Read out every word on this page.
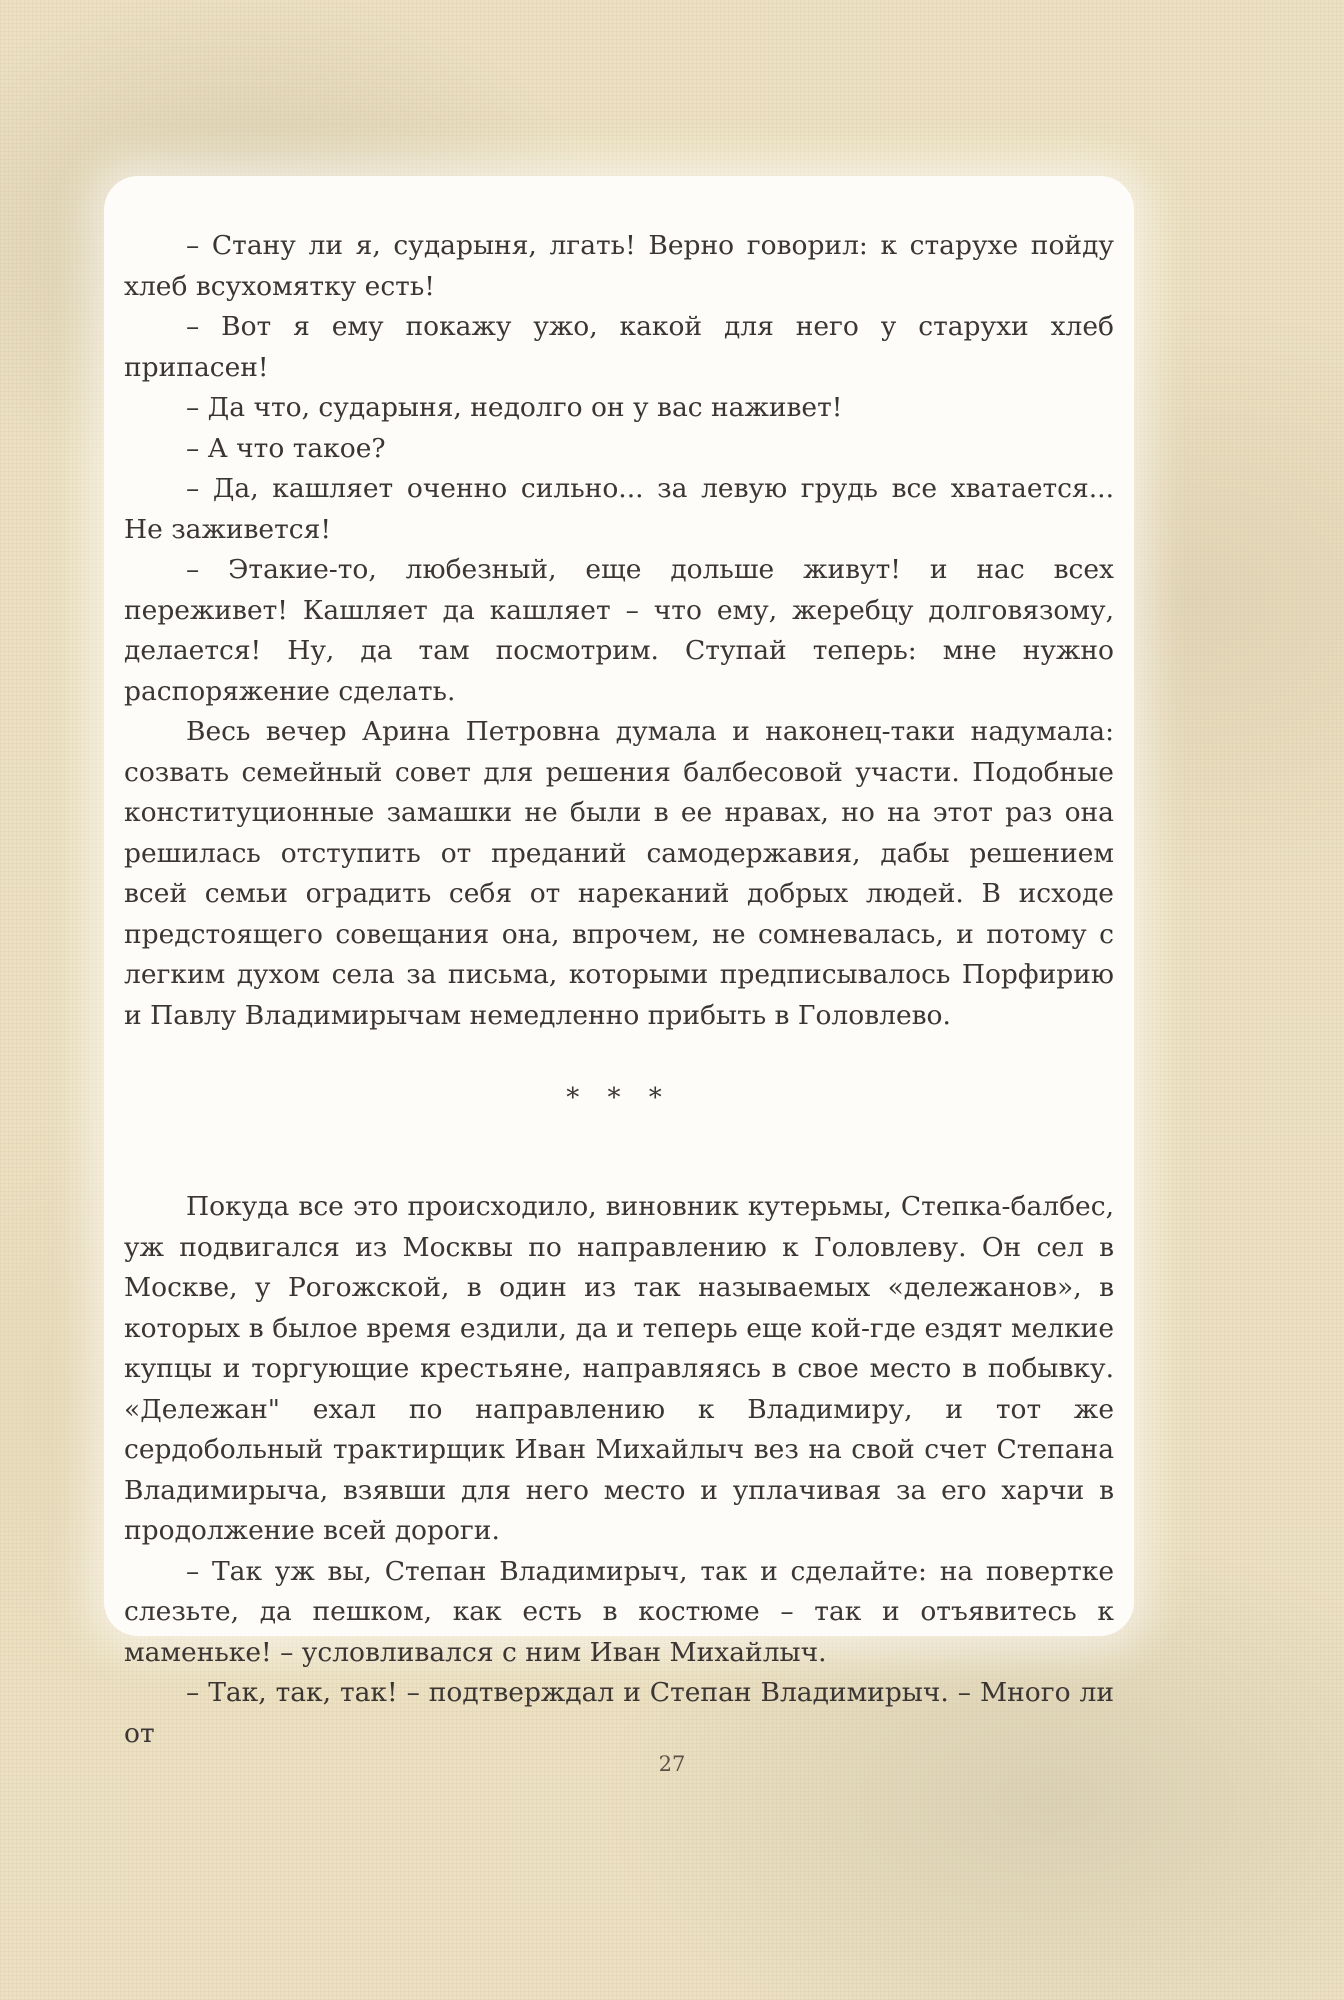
– Стану ли я, сударыня, лгать! Верно говорил: к старухе пойду хлеб всухомятку есть!

– Вот я ему покажу ужо, какой для него у старухи хлеб припасен!

– Да что, сударыня, недолго он у вас наживет!

– А что такое?

– Да, кашляет оченно сильно... за левую грудь все хватается... Не заживется!

– Этакие-то, любезный, еще дольше живут! и нас всех переживет! Кашляет да кашляет – что ему, жеребцу долговязому, делается! Ну, да там посмотрим. Ступай теперь: мне нужно распоряжение сделать.

Весь вечер Арина Петровна думала и наконец-таки надумала: созвать семейный совет для решения балбесовой участи. Подобные конституционные замашки не были в ее нравах, но на этот раз она решилась отступить от преданий самодержавия, дабы решением всей семьи оградить себя от нареканий добрых людей. В исходе предстоящего совещания она, впрочем, не сомневалась, и потому с легким духом села за письма, которыми предписывалось Порфирию и Павлу Владимирычам немедленно прибыть в Головлево.

* * *

Покуда все это происходило, виновник кутерьмы, Степка-балбес, уж подвигался из Москвы по направлению к Головлеву. Он сел в Москве, у Рогожской, в один из так называемых «дележанов», в которых в былое время ездили, да и теперь еще кой-где ездят мелкие купцы и торгующие крестьяне, направляясь в свое место в побывку. «Дележан" ехал по направлению к Владимиру, и тот же сердобольный трактирщик Иван Михайлыч вез на свой счет Степана Владимирыча, взявши для него место и уплачивая за его харчи в продолжение всей дороги.

– Так уж вы, Степан Владимирыч, так и сделайте: на повертке слезьте, да пешком, как есть в костюме – так и отъявитесь к маменьке! – условливался с ним Иван Михайлыч.

– Так, так, так! – подтверждал и Степан Владимирыч. – Много ли от

27
